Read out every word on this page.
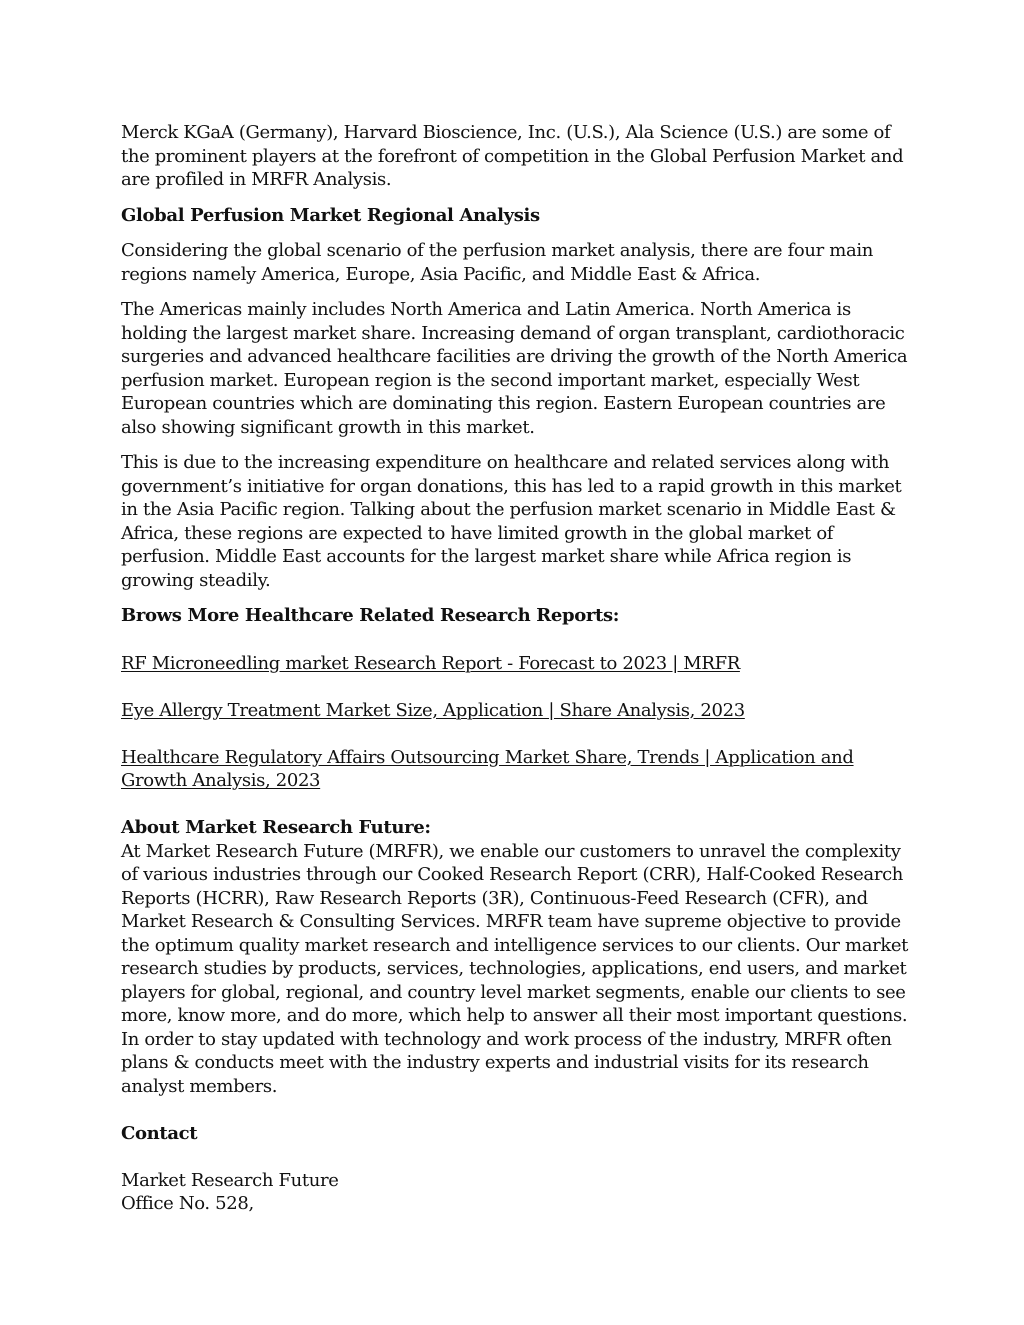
Merck KGaA (Germany), Harvard Bioscience, Inc. (U.S.), Ala Science (U.S.) are some of the prominent players at the forefront of competition in the Global Perfusion Market and are profiled in MRFR Analysis.

Global Perfusion Market Regional Analysis

Considering the global scenario of the perfusion market analysis, there are four main regions namely America, Europe, Asia Pacific, and Middle East & Africa.

The Americas mainly includes North America and Latin America. North America is holding the largest market share. Increasing demand of organ transplant, cardiothoracic surgeries and advanced healthcare facilities are driving the growth of the North America perfusion market. European region is the second important market, especially West European countries which are dominating this region. Eastern European countries are also showing significant growth in this market.

This is due to the increasing expenditure on healthcare and related services along with government’s initiative for organ donations, this has led to a rapid growth in this market in the Asia Pacific region. Talking about the perfusion market scenario in Middle East & Africa, these regions are expected to have limited growth in the global market of perfusion. Middle East accounts for the largest market share while Africa region is growing steadily.

Brows More Healthcare Related Research Reports:
RF Microneedling market Research Report - Forecast to 2023 | MRFR
Eye Allergy Treatment Market Size, Application | Share Analysis, 2023
Healthcare Regulatory Affairs Outsourcing Market Share, Trends | Application and Growth Analysis, 2023
About Market Research Future:
At Market Research Future (MRFR), we enable our customers to unravel the complexity of various industries through our Cooked Research Report (CRR), Half-Cooked Research Reports (HCRR), Raw Research Reports (3R), Continuous-Feed Research (CFR), and Market Research & Consulting Services. MRFR team have supreme objective to provide the optimum quality market research and intelligence services to our clients. Our market research studies by products, services, technologies, applications, end users, and market players for global, regional, and country level market segments, enable our clients to see more, know more, and do more, which help to answer all their most important questions. In order to stay updated with technology and work process of the industry, MRFR often plans & conducts meet with the industry experts and industrial visits for its research analyst members.
Contact
Market Research Future
Office No. 528,
